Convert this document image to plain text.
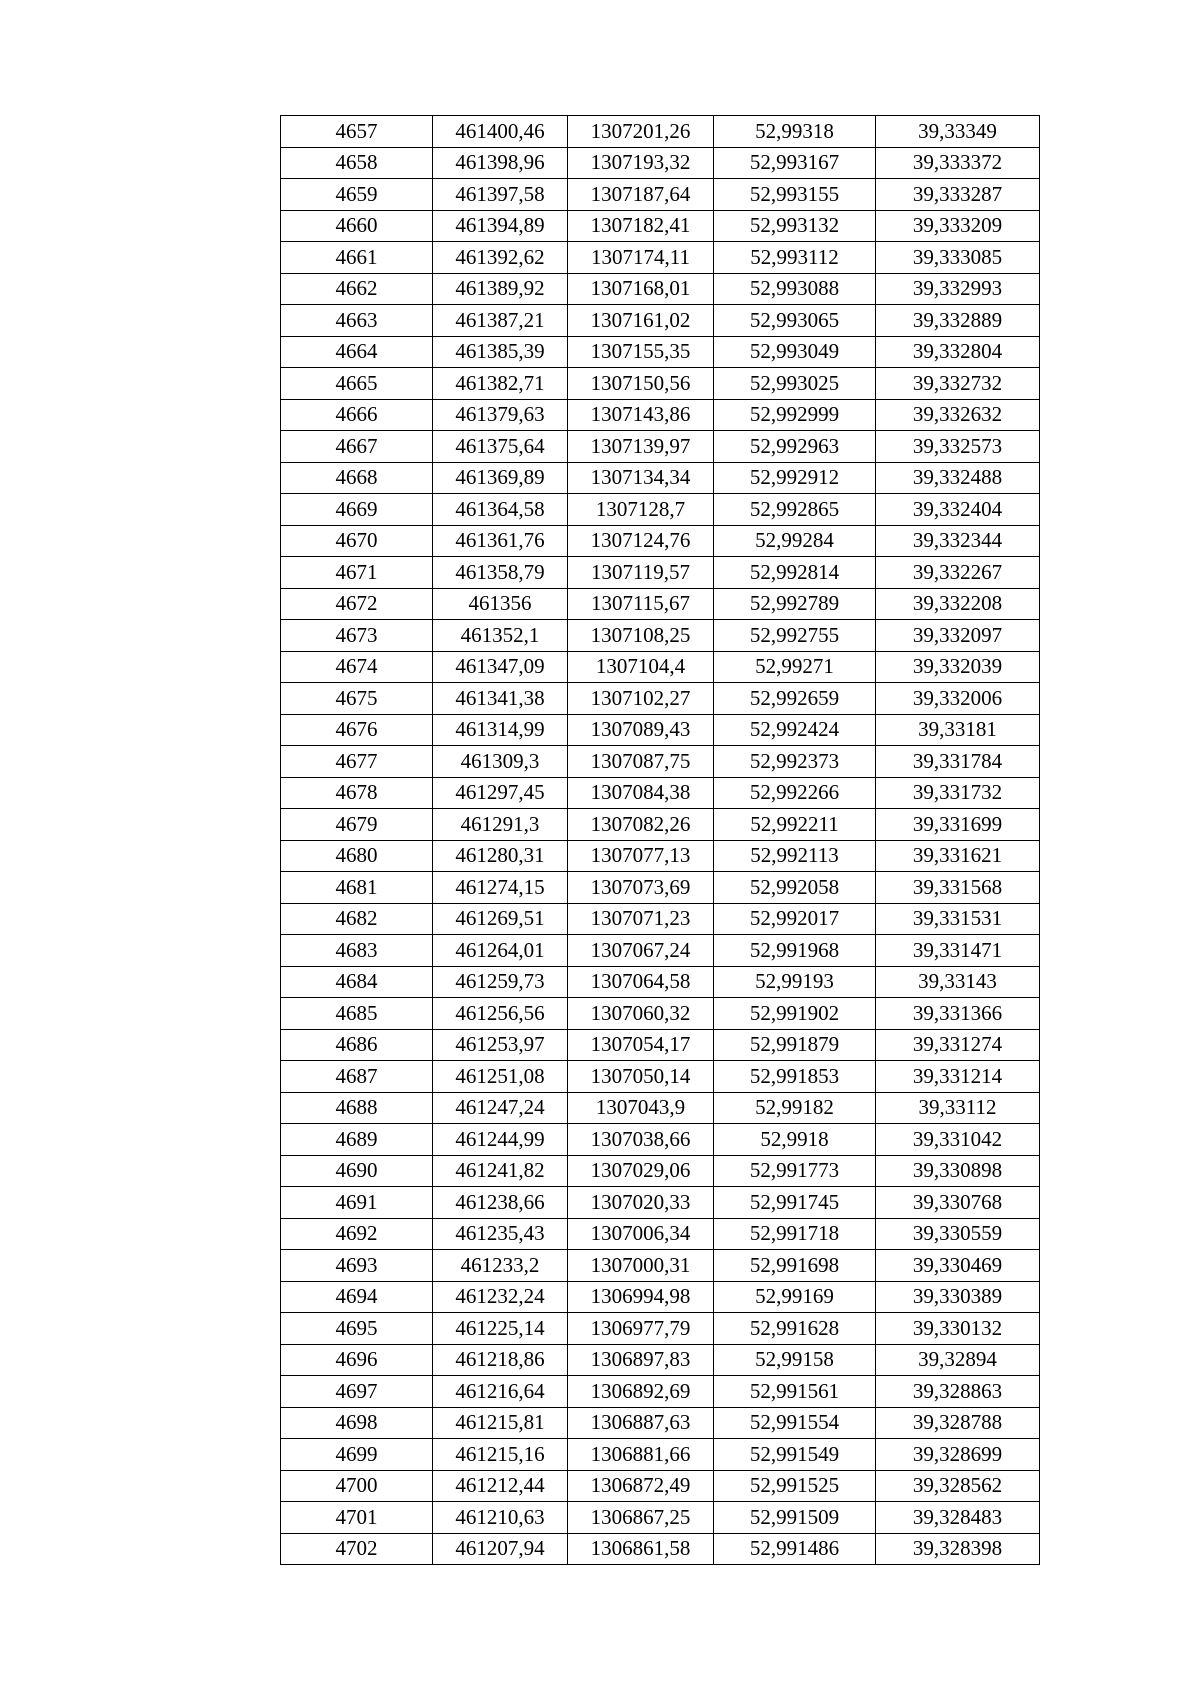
4657	461400,46	1307201,26	52,99318	39,33349
4658	461398,96	1307193,32	52,993167	39,333372
4659	461397,58	1307187,64	52,993155	39,333287
4660	461394,89	1307182,41	52,993132	39,333209
4661	461392,62	1307174,11	52,993112	39,333085
4662	461389,92	1307168,01	52,993088	39,332993
4663	461387,21	1307161,02	52,993065	39,332889
4664	461385,39	1307155,35	52,993049	39,332804
4665	461382,71	1307150,56	52,993025	39,332732
4666	461379,63	1307143,86	52,992999	39,332632
4667	461375,64	1307139,97	52,992963	39,332573
4668	461369,89	1307134,34	52,992912	39,332488
4669	461364,58	1307128,7	52,992865	39,332404
4670	461361,76	1307124,76	52,99284	39,332344
4671	461358,79	1307119,57	52,992814	39,332267
4672	461356	1307115,67	52,992789	39,332208
4673	461352,1	1307108,25	52,992755	39,332097
4674	461347,09	1307104,4	52,99271	39,332039
4675	461341,38	1307102,27	52,992659	39,332006
4676	461314,99	1307089,43	52,992424	39,33181
4677	461309,3	1307087,75	52,992373	39,331784
4678	461297,45	1307084,38	52,992266	39,331732
4679	461291,3	1307082,26	52,992211	39,331699
4680	461280,31	1307077,13	52,992113	39,331621
4681	461274,15	1307073,69	52,992058	39,331568
4682	461269,51	1307071,23	52,992017	39,331531
4683	461264,01	1307067,24	52,991968	39,331471
4684	461259,73	1307064,58	52,99193	39,33143
4685	461256,56	1307060,32	52,991902	39,331366
4686	461253,97	1307054,17	52,991879	39,331274
4687	461251,08	1307050,14	52,991853	39,331214
4688	461247,24	1307043,9	52,99182	39,33112
4689	461244,99	1307038,66	52,9918	39,331042
4690	461241,82	1307029,06	52,991773	39,330898
4691	461238,66	1307020,33	52,991745	39,330768
4692	461235,43	1307006,34	52,991718	39,330559
4693	461233,2	1307000,31	52,991698	39,330469
4694	461232,24	1306994,98	52,99169	39,330389
4695	461225,14	1306977,79	52,991628	39,330132
4696	461218,86	1306897,83	52,99158	39,32894
4697	461216,64	1306892,69	52,991561	39,328863
4698	461215,81	1306887,63	52,991554	39,328788
4699	461215,16	1306881,66	52,991549	39,328699
4700	461212,44	1306872,49	52,991525	39,328562
4701	461210,63	1306867,25	52,991509	39,328483
4702	461207,94	1306861,58	52,991486	39,328398
